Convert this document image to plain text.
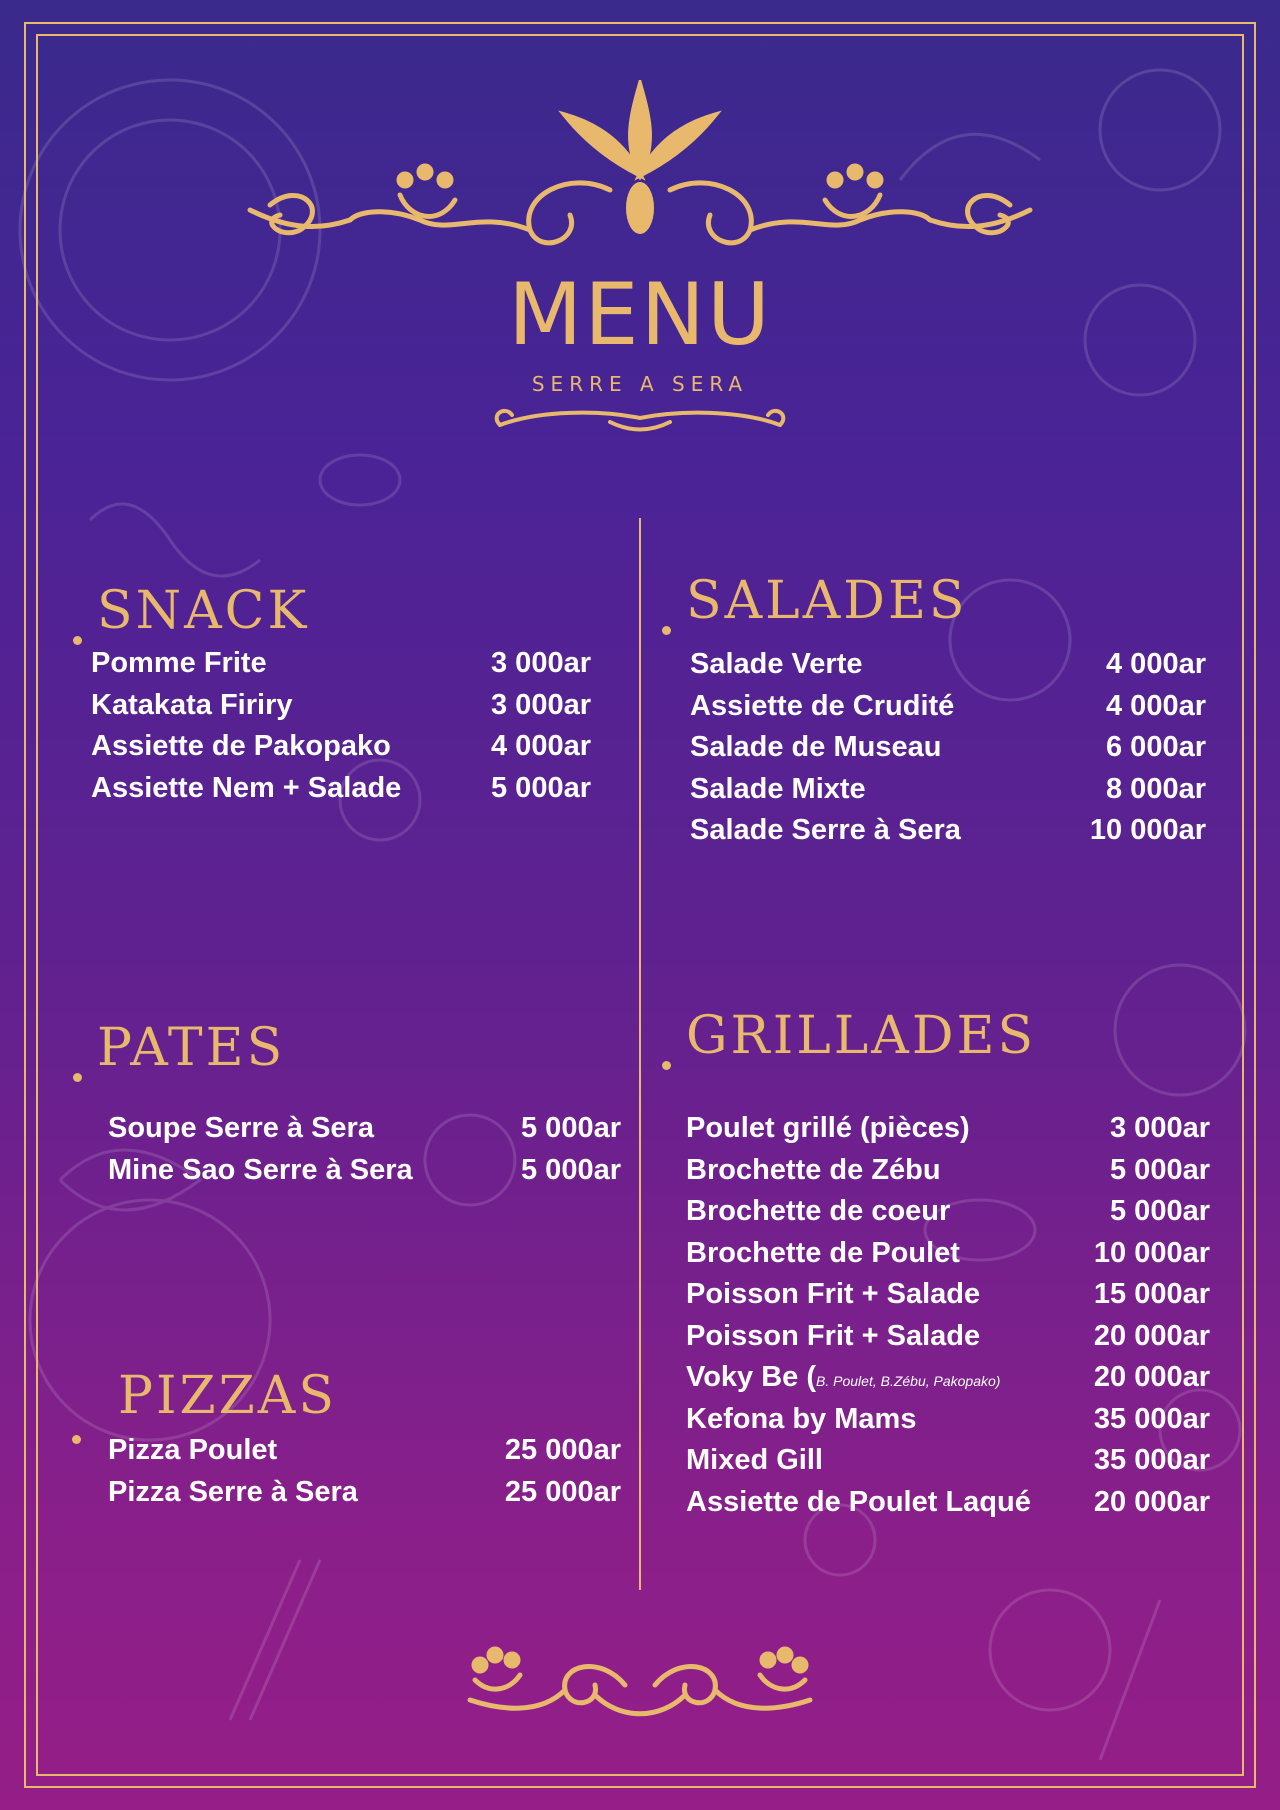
MENU
SERRE A SERA
SNACK
Pomme Frite	3 000ar
Katakata Firiry	3 000ar
Assiette de Pakopako	4 000ar
Assiette Nem + Salade	5 000ar
SALADES
Salade Verte	4 000ar
Assiette de Crudité	4 000ar
Salade de Museau	6 000ar
Salade Mixte	8 000ar
Salade Serre à Sera	10 000ar
PATES
Soupe Serre à Sera	5 000ar
Mine Sao Serre à Sera	5 000ar
GRILLADES
Poulet grillé (pièces)	3 000ar
Brochette de Zébu	5 000ar
Brochette de coeur	5 000ar
Brochette de Poulet	10 000ar
Poisson Frit + Salade	15 000ar
Poisson Frit + Salade	20 000ar
Voky Be (B. Poulet, B.Zébu, Pakopako)	20 000ar
Kefona by Mams	35 000ar
Mixed Gill	35 000ar
Assiette de Poulet Laqué 20 000ar
PIZZAS
Pizza Poulet	25 000ar
Pizza Serre à Sera	25 000ar
